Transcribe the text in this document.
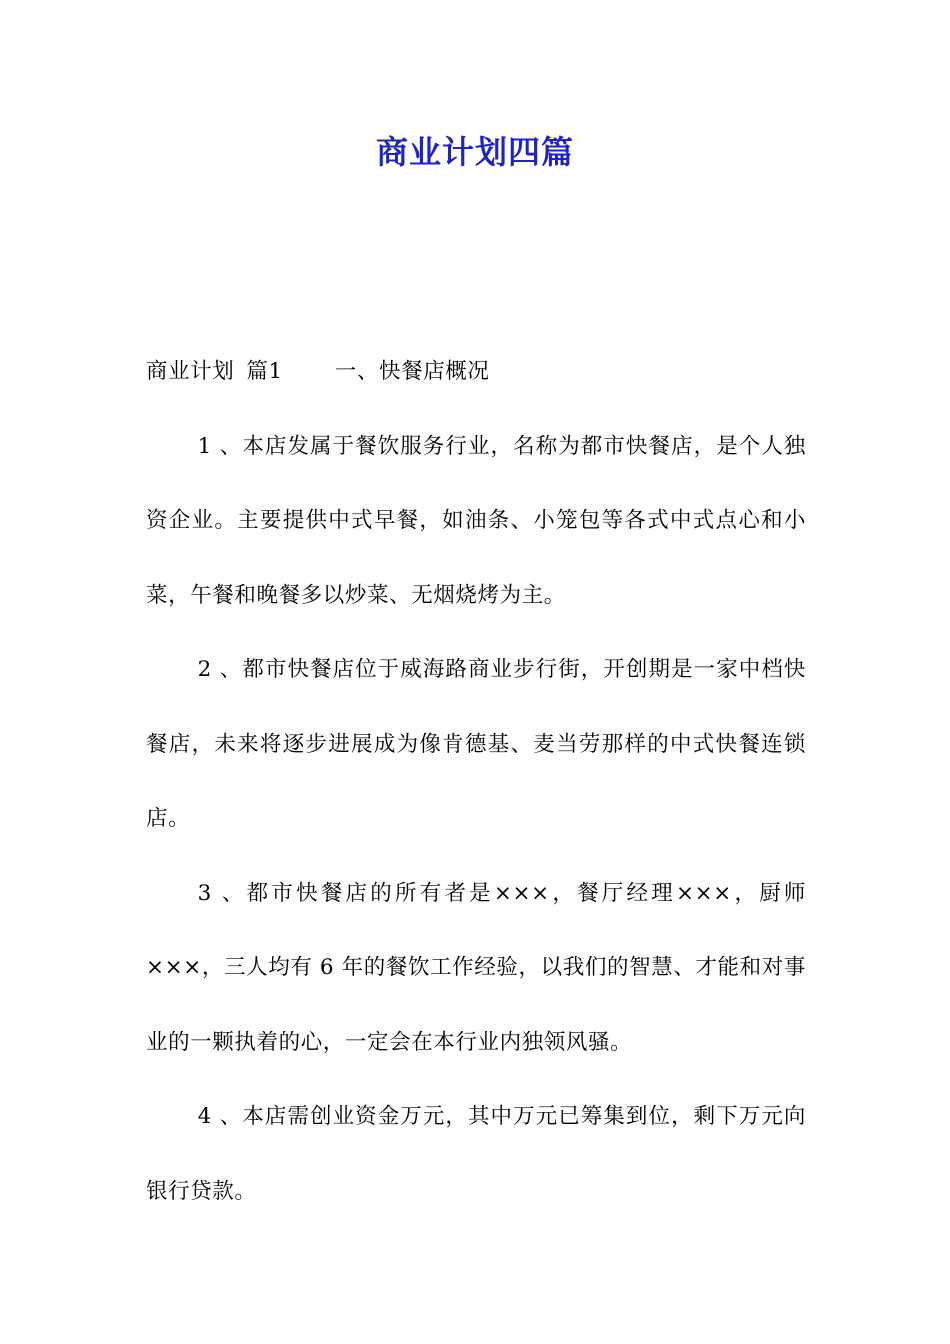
商业计划四篇

商业计划 篇1 一、快餐店概况

1 、本店发属于餐饮服务行业，名称为都市快餐店，是个人独资企业。主要提供中式早餐，如油条、小笼包等各式中式点心和小菜，午餐和晚餐多以炒菜、无烟烧烤为主。

2 、都市快餐店位于威海路商业步行街，开创期是一家中档快餐店，未来将逐步进展成为像肯德基、麦当劳那样的中式快餐连锁店。

3 、都市快餐店的所有者是×××，餐厅经理×××，厨师×××，三人均有 6 年的餐饮工作经验，以我们的智慧、才能和对事业的一颗执着的心，一定会在本行业内独领风骚。

4 、本店需创业资金万元，其中万元已筹集到位，剩下万元向银行贷款。
